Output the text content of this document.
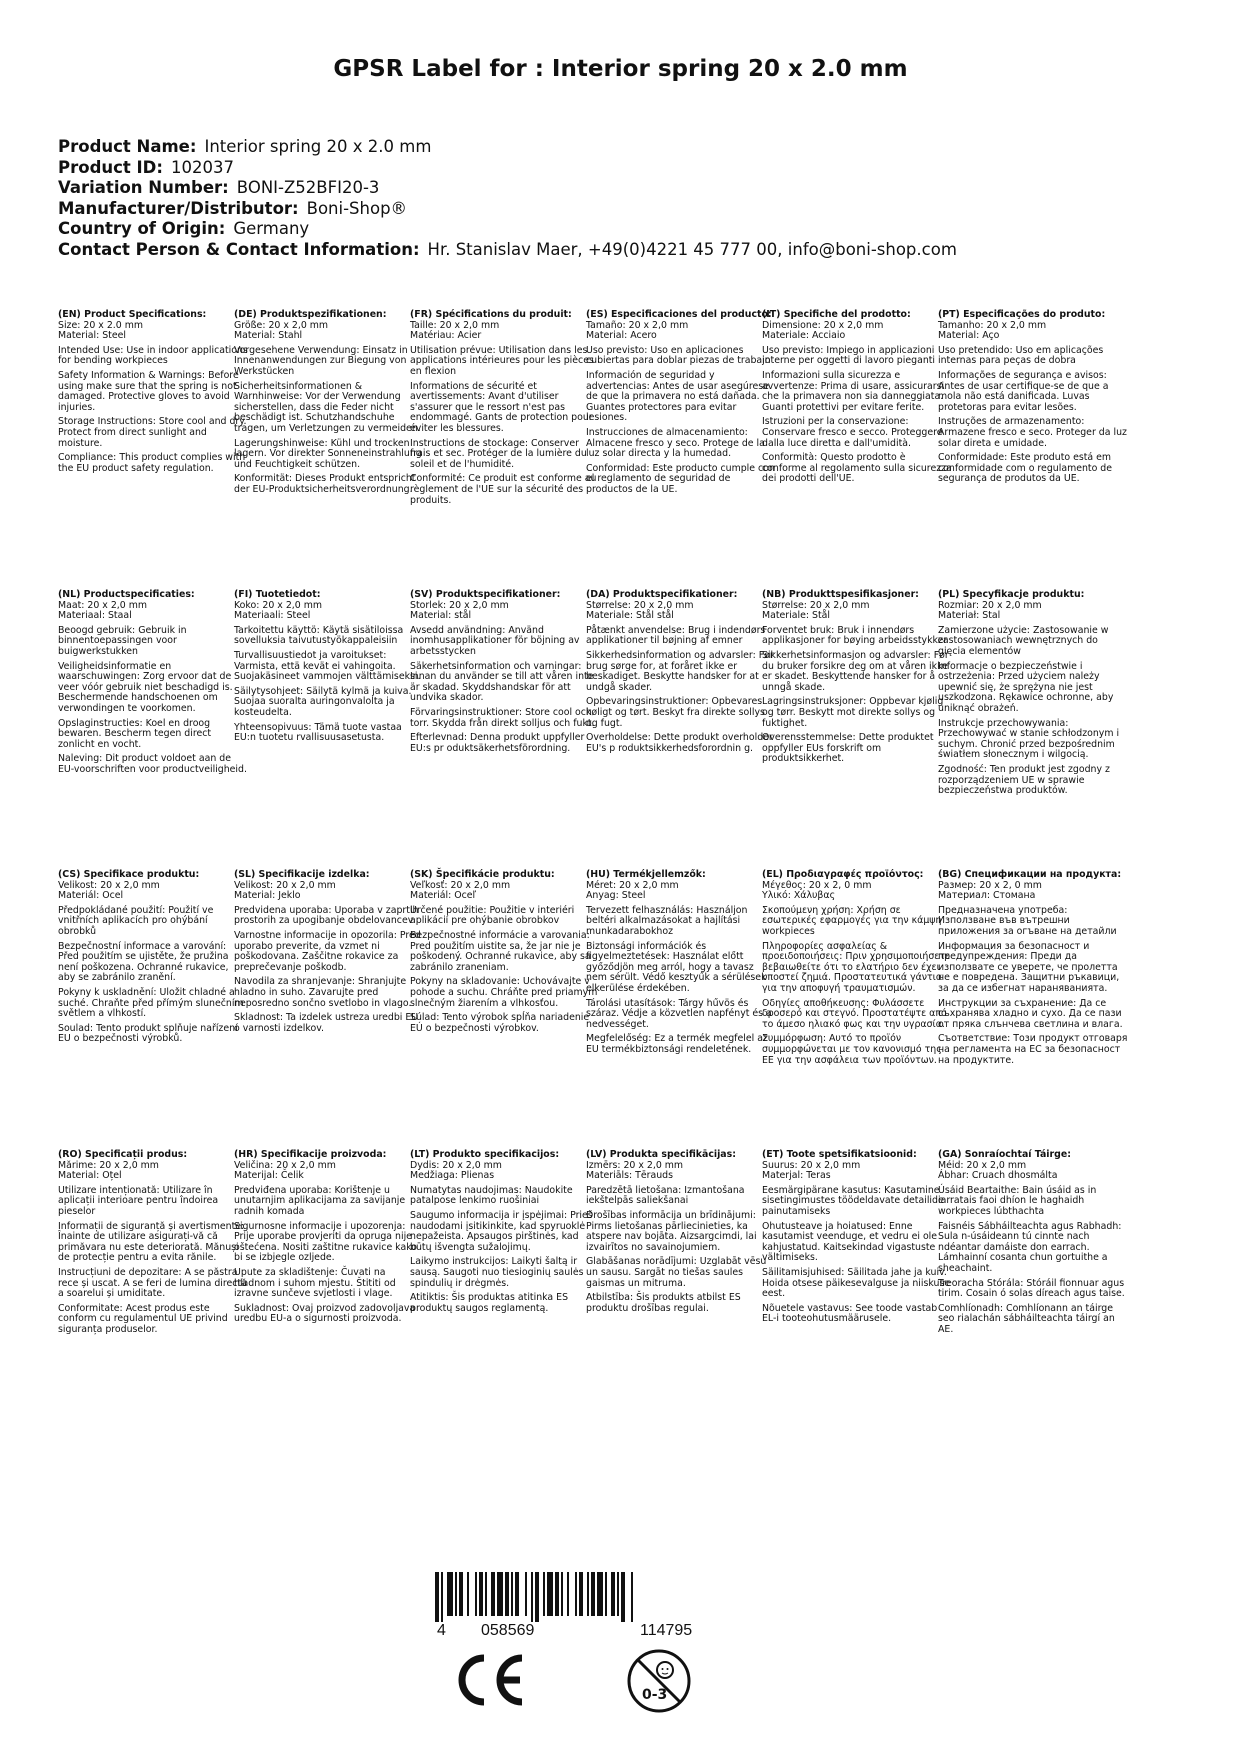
GPSR Label for : Interior spring 20 x 2.0 mm
Product Name: Interior spring 20 x 2.0 mm
Product ID: 102037
Variation Number: BONI-Z52BFI20-3
Manufacturer/Distributor: Boni-Shop®
Country of Origin: Germany
Contact Person & Contact Information: Hr. Stanislav Maer, +49(0)4221 45 777 00, info@boni-shop.com
(EN) Product Specifications:

Size: 20 x 2.0 mm

Material: Steel

Intended Use: Use in indoor applications for bending workpieces

Safety Information & Warnings: Before using make sure that the spring is not damaged. Protective gloves to avoid injuries.

Storage Instructions: Store cool and dry. Protect from direct sunlight and moisture.

Compliance: This product complies with the EU product safety regulation.

(DE) Produktspezifikationen:

Größe: 20 x 2,0 mm

Material: Stahl

Vorgesehene Verwendung: Einsatz in Innenanwendungen zur Biegung von Werkstücken

Sicherheitsinformationen & Warnhinweise: Vor der Verwendung sicherstellen, dass die Feder nicht beschädigt ist. Schutzhandschuhe tragen, um Verletzungen zu vermeiden.

Lagerungshinweise: Kühl und trocken lagern. Vor direkter Sonneneinstrahlung und Feuchtigkeit schützen.

Konformität: Dieses Produkt entspricht der EU-Produktsicherheitsverordnung.

(FR) Spécifications du produit:

Taille: 20 x 2,0 mm

Matériau: Acier

Utilisation prévue: Utilisation dans les applications intérieures pour les pièces en flexion

Informations de sécurité et avertissements: Avant d'utiliser s'assurer que le ressort n'est pas endommagé. Gants de protection pour éviter les blessures.

Instructions de stockage: Conserver frais et sec. Protéger de la lumière du soleil et de l'humidité.

Conformité: Ce produit est conforme au règlement de l'UE sur la sécurité des produits.

(ES) Especificaciones del producto:

Tamaño: 20 x 2,0 mm

Material: Acero

Uso previsto: Uso en aplicaciones cubiertas para doblar piezas de trabajo

Información de seguridad y advertencias: Antes de usar asegúrese de que la primavera no está dañada. Guantes protectores para evitar lesiones.

Instrucciones de almacenamiento: Almacene fresco y seco. Protege de la luz solar directa y la humedad.

Conformidad: Este producto cumple con el reglamento de seguridad de productos de la UE.

(IT) Specifiche del prodotto:

Dimensione: 20 x 2,0 mm

Materiale: Acciaio

Uso previsto: Impiego in applicazioni interne per oggetti di lavoro pieganti

Informazioni sulla sicurezza e avvertenze: Prima di usare, assicurarsi che la primavera non sia danneggiata. Guanti protettivi per evitare ferite.

Istruzioni per la conservazione: Conservare fresco e secco. Proteggere dalla luce diretta e dall'umidità.

Conformità: Questo prodotto è conforme al regolamento sulla sicurezza dei prodotti dell'UE.

(PT) Especificações do produto:

Tamanho: 20 x 2,0 mm

Material: Aço

Uso pretendido: Uso em aplicações internas para peças de dobra

Informações de segurança e avisos: Antes de usar certifique-se de que a mola não está danificada. Luvas protetoras para evitar lesões.

Instruções de armazenamento: Armazene fresco e seco. Proteger da luz solar direta e umidade.

Conformidade: Este produto está em conformidade com o regulamento de segurança de produtos da UE.

(NL) Productspecificaties:

Maat: 20 x 2,0 mm

Materiaal: Staal

Beoogd gebruik: Gebruik in binnentoepassingen voor buigwerkstukken

Veiligheidsinformatie en waarschuwingen: Zorg ervoor dat de veer vóór gebruik niet beschadigd is. Beschermende handschoenen om verwondingen te voorkomen.

Opslaginstructies: Koel en droog bewaren. Bescherm tegen direct zonlicht en vocht.

Naleving: Dit product voldoet aan de EU-voorschriften voor productveiligheid.

(FI) Tuotetiedot:

Koko: 20 x 2,0 mm

Materiaali: Steel

Tarkoitettu käyttö: Käytä sisätiloissa sovelluksia taivutustyökappaleisiin

Turvallisuustiedot ja varoitukset: Varmista, että kevät ei vahingoita. Suojakäsineet vammojen välttämiseksi.

Säilytysohjeet: Säilytä kylmä ja kuiva. Suojaa suoralta auringonvalolta ja kosteudelta.

Yhteensopivuus: Tämä tuote vastaa EU:n tuotetu rvallisuusasetusta.

(SV) Produktspecifikationer:

Storlek: 20 x 2,0 mm

Material: stål

Avsedd användning: Använd inomhusapplikationer för böjning av arbetsstycken

Säkerhetsinformation och varningar: Innan du använder se till att våren inte är skadad. Skyddshandskar för att undvika skador.

Förvaringsinstruktioner: Store cool och torr. Skydda från direkt solljus och fukt.

Efterlevnad: Denna produkt uppfyller EU:s pr oduktsäkerhetsförordning.

(DA) Produktspecifikationer:

Størrelse: 20 x 2,0 mm

Materiale: Stål stål

Påtænkt anvendelse: Brug i indendørs applikationer til bøjning af emner

Sikkerhedsinformation og advarsler: Før brug sørge for, at foråret ikke er beskadiget. Beskytte handsker for at undgå skader.

Opbevaringsinstruktioner: Opbevares køligt og tørt. Beskyt fra direkte sollys og fugt.

Overholdelse: Dette produkt overholder EU's p roduktsikkerhedsforordnin g.

(NB) Produkttspesifikasjoner:

Størrelse: 20 x 2,0 mm

Materiale: Stål

Forventet bruk: Bruk i innendørs applikasjoner for bøying arbeidsstykker

Sikkerhetsinformasjon og advarsler: Før du bruker forsikre deg om at våren ikke er skadet. Beskyttende hansker for å unngå skade.

Lagringsinstruksjoner: Oppbevar kjølig og tørr. Beskytt mot direkte sollys og fuktighet.

Overensstemmelse: Dette produktet oppfyller EUs forskrift om produktsikkerhet.

(PL) Specyfikacje produktu:

Rozmiar: 20 x 2,0 mm

Materiał: Stal

Zamierzone użycie: Zastosowanie w zastosowaniach wewnętrznych do gięcia elementów

Informacje o bezpieczeństwie i ostrzeżenia: Przed użyciem należy upewnić się, że sprężyna nie jest uszkodzona. Rękawice ochronne, aby uniknąć obrażeń.

Instrukcje przechowywania: Przechowywać w stanie schłodzonym i suchym. Chronić przed bezpośrednim światłem słonecznym i wilgocią.

Zgodność: Ten produkt jest zgodny z rozporządzeniem UE w sprawie bezpieczeństwa produktów.

(CS) Specifikace produktu:

Velikost: 20 x 2,0 mm

Materiál: Ocel

Předpokládané použití: Použití ve vnitřních aplikacích pro ohýbání obrobků

Bezpečnostní informace a varování: Před použitím se ujistěte, že pružina není poškozena. Ochranné rukavice, aby se zabránilo zranění.

Pokyny k uskladnění: Uložit chladné a suché. Chraňte před přímým slunečním světlem a vlhkostí.

Soulad: Tento produkt splňuje nařízení EU o bezpečnosti výrobků.

(SL) Specifikacije izdelka:

Velikost: 20 x 2,0 mm

Material: Jeklo

Predvidena uporaba: Uporaba v zaprtih prostorih za upogibanje obdelovancev

Varnostne informacije in opozorila: Pred uporabo preverite, da vzmet ni poškodovana. Zaščitne rokavice za preprečevanje poškodb.

Navodila za shranjevanje: Shranjujte hladno in suho. Zavarujte pred neposredno sončno svetlobo in vlago.

Skladnost: Ta izdelek ustreza uredbi EU o varnosti izdelkov.

(SK) Špecifikácie produktu:

Veľkosť: 20 x 2,0 mm

Materiál: Oceľ

Určené použitie: Použitie v interiéri aplikácií pre ohýbanie obrobkov

Bezpečnostné informácie a varovania: Pred použitím uistite sa, že jar nie je poškodený. Ochranné rukavice, aby sa zabránilo zraneniam.

Pokyny na skladovanie: Uchovávajte v pohode a suchu. Chráňte pred priamym slnečným žiarením a vlhkosťou.

Súlad: Tento výrobok spĺňa nariadenie EÚ o bezpečnosti výrobkov.

(HU) Termékjellemzők:

Méret: 20 x 2,0 mm

Anyag: Steel

Tervezett felhasználás: Használjon beltéri alkalmazásokat a hajlítási munkadarabokhoz

Biztonsági információk és figyelmeztetések: Használat előtt győződjön meg arról, hogy a tavasz nem sérült. Védő kesztyűk a sérülések elkerülése érdekében.

Tárolási utasítások: Tárgy hűvös és száraz. Védje a közvetlen napfényt és a nedvességet.

Megfelelőség: Ez a termék megfelel az EU termékbiztonsági rendeletének.

(EL) Προδιαγραφές προϊόντος:

Μέγεθος: 20 x 2, 0 mm

Υλικό: Χάλυβας

Σκοπούμενη χρήση: Χρήση σε εσωτερικές εφαρμογές για την κάμψη workpieces

Πληροφορίες ασφαλείας & προειδοποιήσεις: Πριν χρησιμοποιήσετε βεβαιωθείτε ότι το ελατήριο δεν έχει υποστεί ζημιά. Προστατευτικά γάντια για την αποφυγή τραυματισμών.

Οδηγίες αποθήκευσης: Φυλάσσετε δροσερό και στεγνό. Προστατέψτε από το άμεσο ηλιακό φως και την υγρασία.

Συμμόρφωση: Αυτό το προϊόν συμμορφώνεται με τον κανονισμό της ΕΕ για την ασφάλεια των προϊόντων.

(BG) Спецификации на продукта:

Размер: 20 x 2, 0 mm

Материал: Стомана

Предназначена употреба: Използване във вътрешни приложения за огъване на детайли

Информация за безопасност и предупреждения: Преди да използвате се уверете, че пролетта не е повредена. Защитни ръкавици, за да се избегнат нараняванията.

Инструкции за съхранение: Да се съхранява хладно и сухо. Да се пази от пряка слънчева светлина и влага.

Съответствие: Този продукт отговаря на регламента на ЕС за безопасност на продуктите.

(RO) Specificații produs:

Mărime: 20 x 2,0 mm

Material: Oțel

Utilizare intenționată: Utilizare în aplicații interioare pentru îndoirea pieselor

Informații de siguranță și avertismente: Înainte de utilizare asigurați-vă că primăvara nu este deteriorată. Mănuși de protecție pentru a evita rănile.

Instrucțiuni de depozitare: A se păstra rece și uscat. A se feri de lumina directă a soarelui și umiditate.

Conformitate: Acest produs este conform cu regulamentul UE privind siguranța produselor.

(HR) Specifikacije proizvoda:

Veličina: 20 x 2,0 mm

Materijal: Čelik

Predviđena uporaba: Korištenje u unutarnjim aplikacijama za savijanje radnih komada

Sigurnosne informacije i upozorenja: Prije uporabe provjeriti da opruga nije oštećena. Nositi zaštitne rukavice kako bi se izbjegle ozljede.

Upute za skladištenje: Čuvati na hladnom i suhom mjestu. Štititi od izravne sunčeve svjetlosti i vlage.

Sukladnost: Ovaj proizvod zadovoljava uredbu EU-a o sigurnosti proizvoda.

(LT) Produkto specifikacijos:

Dydis: 20 x 2,0 mm

Medžiaga: Plienas

Numatytas naudojimas: Naudokite patalpose lenkimo ruošiniai

Saugumo informacija ir įspėjimai: Prieš naudodami įsitikinkite, kad spyruoklė nepažeista. Apsaugos pirštinės, kad būtų išvengta sužalojimų.

Laikymo instrukcijos: Laikyti šaltą ir sausą. Saugoti nuo tiesioginių saulės spindulių ir drėgmės.

Atitiktis: Šis produktas atitinka ES produktų saugos reglamentą.

(LV) Produkta specifikācijas:

Izmērs: 20 x 2,0 mm

Materiāls: Tērauds

Paredzētā lietošana: Izmantošana iekštelpās saliekšanai

Drošības informācija un brīdinājumi: Pirms lietošanas pārliecinieties, ka atspere nav bojāta. Aizsargcimdi, lai izvairītos no savainojumiem.

Glabāšanas norādījumi: Uzglabāt vēsu un sausu. Sargāt no tiešas saules gaismas un mitruma.

Atbilstība: Šis produkts atbilst ES produktu drošības regulai.

(ET) Toote spetsifikatsioonid:

Suurus: 20 x 2,0 mm

Materjal: Teras

Eesmärgipärane kasutus: Kasutamine sisetingimustes töödeldavate detailide painutamiseks

Ohutusteave ja hoiatused: Enne kasutamist veenduge, et vedru ei ole kahjustatud. Kaitsekindad vigastuste vältimiseks.

Säilitamisjuhised: Säilitada jahe ja kuiv. Hoida otsese päikesevalguse ja niiskuse eest.

Nõuetele vastavus: See toode vastab EL-i tooteohutusmäärusele.

(GA) Sonraíochtaí Táirge:

Méid: 20 x 2,0 mm

Ábhar: Cruach dhosmálta

Úsáid Beartaithe: Bain úsáid as in iarratais faoi dhíon le haghaidh workpieces lúbthachta

Faisnéis Sábháilteachta agus Rabhadh: Sula n-úsáideann tú cinnte nach ndéantar damáiste don earrach. Lámhainní cosanta chun gortuithe a sheachaint.

Treoracha Stórála: Stóráil fionnuar agus tirim. Cosain ó solas díreach agus taise.

Comhlíonadh: Comhlíonann an táirge seo rialachán sábháilteachta táirgí an AE.

4 058569	114795
0-3
